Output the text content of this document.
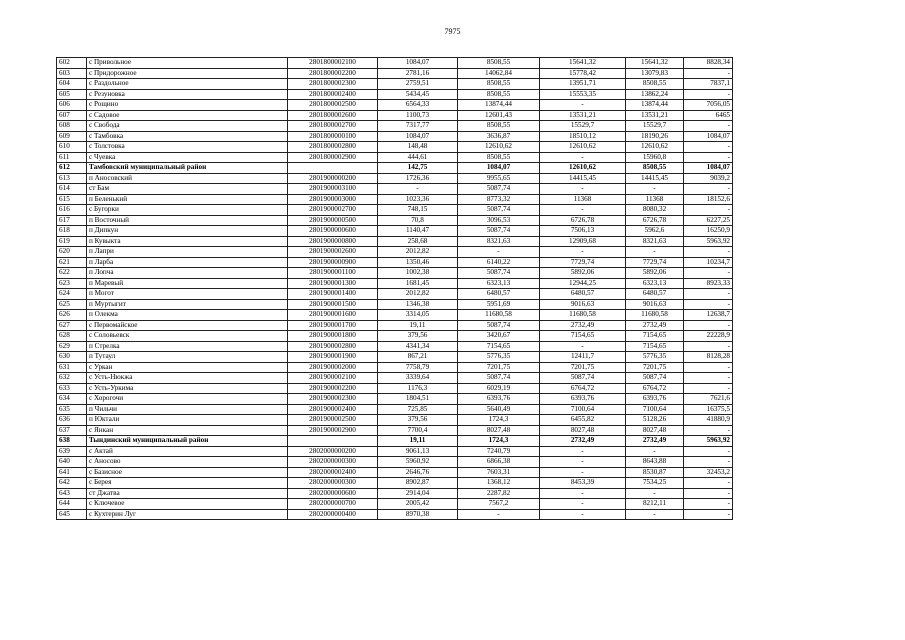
7975
602	с Привольное	2801800002100	1084,07	8508,55	15641,32	15641,32	8828,34
603	с Придорожное	2801800002200	2781,16	14062,84	15778,42	13079,83	-
604	с Раздольное	2801800002300	2759,51	8508,55	13951,71	8508,55	7837,1
605	с Резуновка	2801800002400	5434,45	8508,55	15553,35	13862,24	-
606	с Рощино	2801800002500	6564,33	13874,44	-	13874,44	7056,05
607	с Садовое	2801800002600	1100,73	12601,43	13531,21	13531,21	6465
608	с Свобода	2801800002700	7317,77	8508,55	15529,7	15529,7	-
609	с Тамбовка	2801800000100	1084,07	3636,87	18510,12	18190,26	1084,07
610	с Толстовка	2801800002800	148,48	12610,62	12610,62	12610,62	-
611	с Чуевка	2801800002900	444,61	8508,55	-	15960,8	-
612	Тамбовский муниципальный район		142,75	1084,07	12610,62	8508,55	1084,07
613	п Аносовский	2801900000200	1726,36	9955,65	14415,45	14415,45	9039,2
614	ст Бам	2801900003100	-	5087,74	-	-	-
615	п Беленький	2801900003000	1023,36	8773,32	11368	11368	18152,6
616	с Бугорки	2801900002700	748,15	5087,74	-	8080,32	-
617	п Восточный	2801900000500	70,8	3096,53	6726,78	6726,78	6227,25
618	п Дипкун	2801900000600	1140,47	5087,74	7506,13	5962,6	16250,9
619	п Кувыкта	2801900000800	258,68	8321,63	12909,68	8321,63	5963,92
620	п Лапри	2801900002600	2012,82	-	-	-	-
621	п Ларба	2801900000900	1350,46	6140,22	7729,74	7729,74	10234,7
622	п Лопча	2801900001100	1002,38	5087,74	5892,06	5892,06	-
623	п Маревый	2801900001300	1681,45	6323,13	12944,25	6323,13	8923,33
624	п Могот	2801900001400	2012,82	6480,57	6480,57	6480,57	-
625	п Муртыгит	2801900001500	1346,38	5951,69	9016,63	9016,63	-
626	п Олекма	2801900001600	3314,05	11680,58	11680,58	11680,58	12638,7
627	с Первомайское	2801900001700	19,11	5087,74	2732,49	2732,49	-
628	с Соловьевск	2801900001800	379,56	3420,67	7154,65	7154,65	22228,9
629	п Стрелка	2801900002800	4341,34	7154,65	-	7154,65	-
630	п Тутаул	2801900001900	867,21	5776,35	12411,7	5776,35	8128,28
631	с Уркан	2801900002000	7758,79	7201,75	7201,75	7201,75	-
632	с Усть-Нюкжа	2801900002100	3339,64	5087,74	5087,74	5087,74	-
633	с Усть-Уркима	2801900002200	1176,3	6029,19	6764,72	6764,72	-
634	с Хорогочи	2801900002300	1804,51	6393,76	6393,76	6393,76	7621,6
635	п Чильчи	2801900002400	725,85	5640,49	7100,64	7100,64	16375,5
636	п Юктали	2801900002500	379,56	1724,3	6455,82	5128,26	41880,9
637	с Янкан	2801900002900	7700,4	8027,48	8027,48	8027,48	-
638	Тындинский муниципальный район		19,11	1724,3	2732,49	2732,49	5963,92
639	с Актай	2802000000200	9061,13	7240,79	-	-	-
640	с Аносово	2802000000300	5960,92	6866,38	-	8643,88	-
641	с Базисное	2802000002400	2646,76	7603,31	-	8530,87	32453,2
642	с Берея	2802000000300	8902,87	1368,12	8453,39	7534,25	-
643	ст Джатва	2802000000600	2914,04	2287,82	-	-	-
644	с Ключевое	2802000000700	2005,42	7567,2	-	8212,11	-
645	с Кухтерин Луг	2802000000400	8970,38	-	-	-	-
